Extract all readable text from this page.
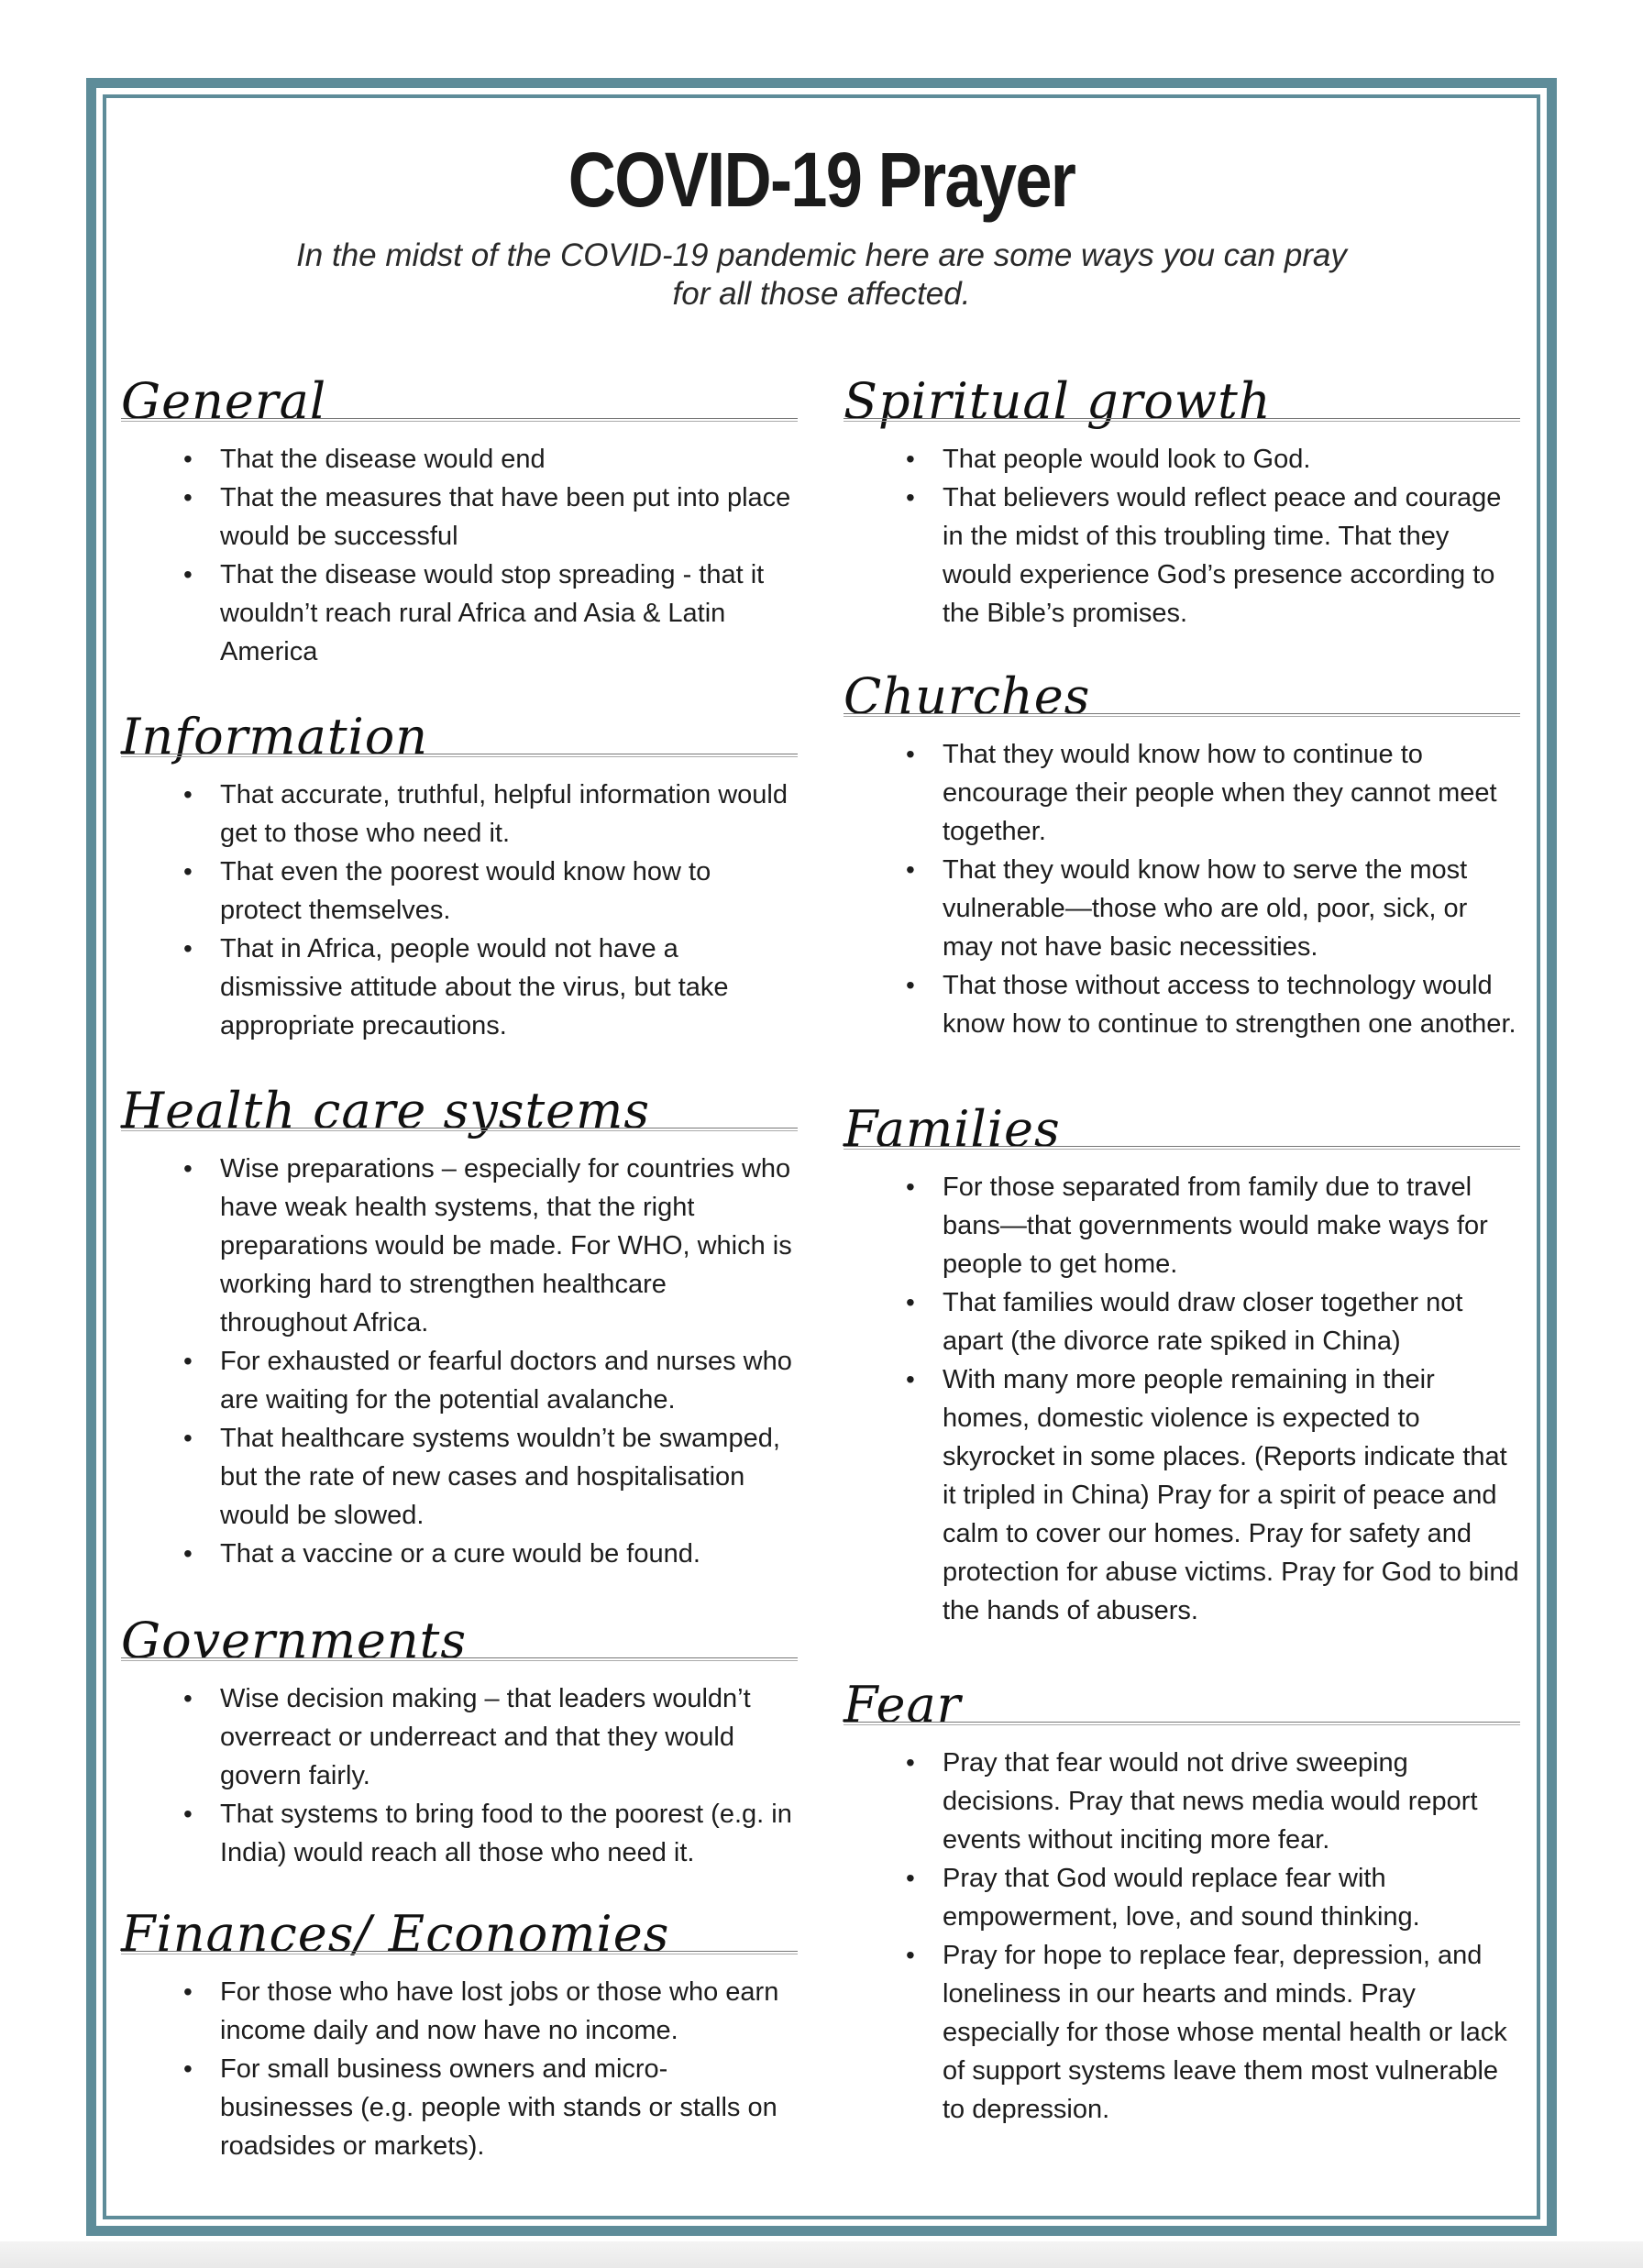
COVID-19 Prayer
In the midst of the COVID-19 pandemic here are some ways you can pray for all those affected.
General
• That the disease would end
• That the measures that have been put into place would be successful
• That the disease would stop spreading - that it wouldn’t reach rural Africa and Asia & Latin America
Information
• That accurate, truthful, helpful information would get to those who need it.
• That even the poorest would know how to protect themselves.
• That in Africa, people would not have a dismissive attitude about the virus, but take appropriate precautions.
Health care systems
• Wise preparations – especially for countries who have weak health systems, that the right preparations would be made. For WHO, which is working hard to strengthen healthcare throughout Africa.
• For exhausted or fearful doctors and nurses who are waiting for the potential avalanche.
• That healthcare systems wouldn’t be swamped, but the rate of new cases and hospitalisation would be slowed.
• That a vaccine or a cure would be found.
Governments
• Wise decision making – that leaders wouldn’t overreact or underreact and that they would govern fairly.
• That systems to bring food to the poorest (e.g. in India) would reach all those who need it.
Finances/ Economies
• For those who have lost jobs or those who earn income daily and now have no income.
• For small business owners and micro-businesses (e.g. people with stands or stalls on roadsides or markets).
Spiritual growth
• That people would look to God.
• That believers would reflect peace and courage in the midst of this troubling time. That they would experience God’s presence according to the Bible’s promises.
Churches
• That they would know how to continue to encourage their people when they cannot meet together.
• That they would know how to serve the most vulnerable—those who are old, poor, sick, or may not have basic necessities.
• That those without access to technology would know how to continue to strengthen one another.
Families
• For those separated from family due to travel bans—that governments would make ways for people to get home.
• That families would draw closer together not apart (the divorce rate spiked in China)
• With many more people remaining in their homes, domestic violence is expected to skyrocket in some places. (Reports indicate that it tripled in China) Pray for a spirit of peace and calm to cover our homes. Pray for safety and protection for abuse victims. Pray for God to bind the hands of abusers.
Fear
• Pray that fear would not drive sweeping decisions. Pray that news media would report events without inciting more fear.
• Pray that God would replace fear with empowerment, love, and sound thinking.
• Pray for hope to replace fear, depression, and loneliness in our hearts and minds. Pray especially for those whose mental health or lack of support systems leave them most vulnerable to depression.
